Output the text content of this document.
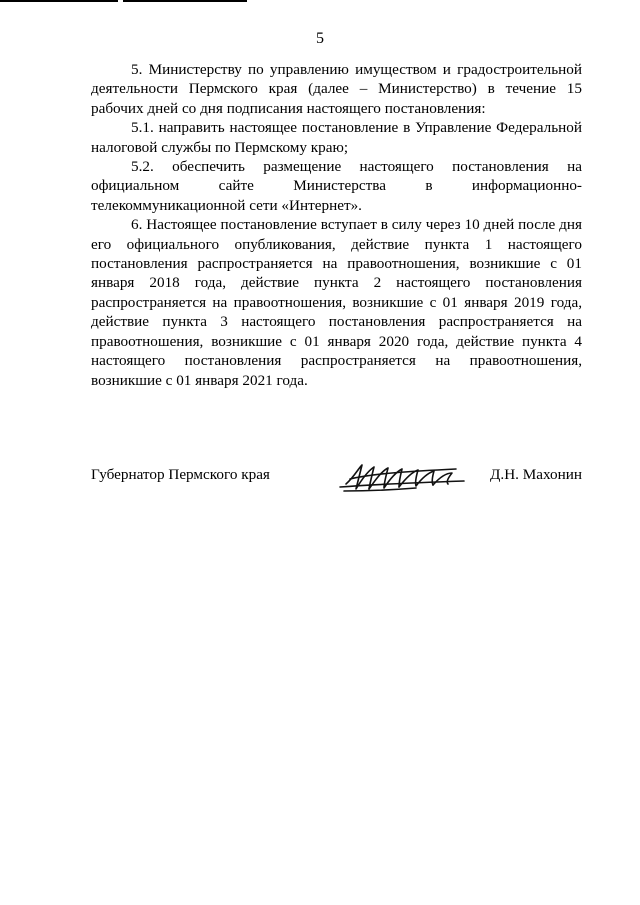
5

5. Министерству по управлению имуществом и градостроительной деятельности Пермского края (далее – Министерство) в течение 15 рабочих дней со дня подписания настоящего постановления:

5.1. направить настоящее постановление в Управление Федеральной налоговой службы по Пермскому краю;

5.2. обеспечить размещение настоящего постановления на официальном сайте Министерства в информационно-телекоммуникационной сети «Интернет».

6. Настоящее постановление вступает в силу через 10 дней после дня его официального опубликования, действие пункта 1 настоящего постановления распространяется на правоотношения, возникшие с 01 января 2018 года, действие пункта 2 настоящего постановления распространяется на правоотношения, возникшие с 01 января 2019 года, действие пункта 3 настоящего постановления распространяется на правоотношения, возникшие с 01 января 2020 года, действие пункта 4 настоящего постановления распространяется на правоотношения, возникшие с 01 января 2021 года.

Губернатор Пермского края	Д.Н. Махонин
